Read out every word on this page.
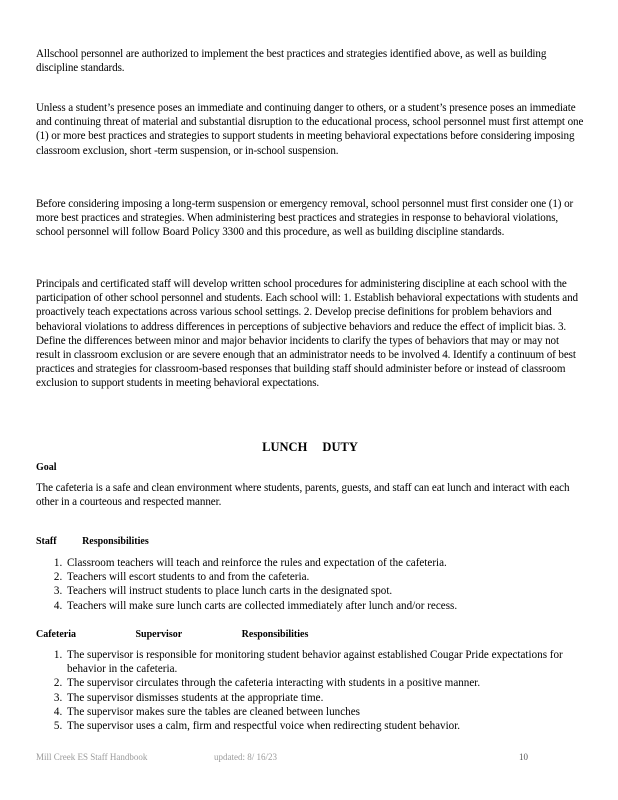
Allschool personnel are authorized to implement the best practices and strategies identified above, as well as building discipline standards.

Unless a student’s presence poses an immediate and continuing danger to others, or a student’s presence poses an immediate and continuing threat of material and substantial disruption to the educational process, school personnel must first attempt one (1) or more best practices and strategies to support students in meeting behavioral expectations before considering imposing classroom exclusion, short -term suspension, or in-school suspension.

Before considering imposing a long-term suspension or emergency removal, school personnel must first consider one (1) or more best practices and strategies. When administering best practices and strategies in response to behavioral violations, school personnel will follow Board Policy 3300 and this procedure, as well as building discipline standards.

Principals and certificated staff will develop written school procedures for administering discipline at each school with the participation of other school personnel and students. Each school will: 1. Establish behavioral expectations with students and proactively teach expectations across various school settings. 2. Develop precise definitions for problem behaviors and behavioral violations to address differences in perceptions of subjective behaviors and reduce the effect of implicit bias. 3. Define the differences between minor and major behavior incidents to clarify the types of behaviors that may or may not result in classroom exclusion or are severe enough that an administrator needs to be involved 4. Identify a continuum of best practices and strategies for classroom-based responses that building staff should administer before or instead of classroom exclusion to support students in meeting behavioral expectations.

LUNCH DUTY
Goal

The cafeteria is a safe and clean environment where students, parents, guests, and staff can eat lunch and interact with each other in a courteous and respected manner.

Staff	Responsibilities
1. Classroom teachers will teach and reinforce the rules and expectation of the cafeteria.
2. Teachers will escort students to and from the cafeteria.
3. Teachers will instruct students to place lunch carts in the designated spot.
4. Teachers will make sure lunch carts are collected immediately after lunch and/or recess.
Cafeteria	Supervisor	Responsibilities
1. The supervisor is responsible for monitoring student behavior against established Cougar Pride expectations for behavior in the cafeteria.
2. The supervisor circulates through the cafeteria interacting with students in a positive manner.
3. The supervisor dismisses students at the appropriate time.
4. The supervisor makes sure the tables are cleaned between lunches
5. The supervisor uses a calm, firm and respectful voice when redirecting student behavior.
Mill Creek ES Staff Handbook	updated: 8/ 16/23	10
